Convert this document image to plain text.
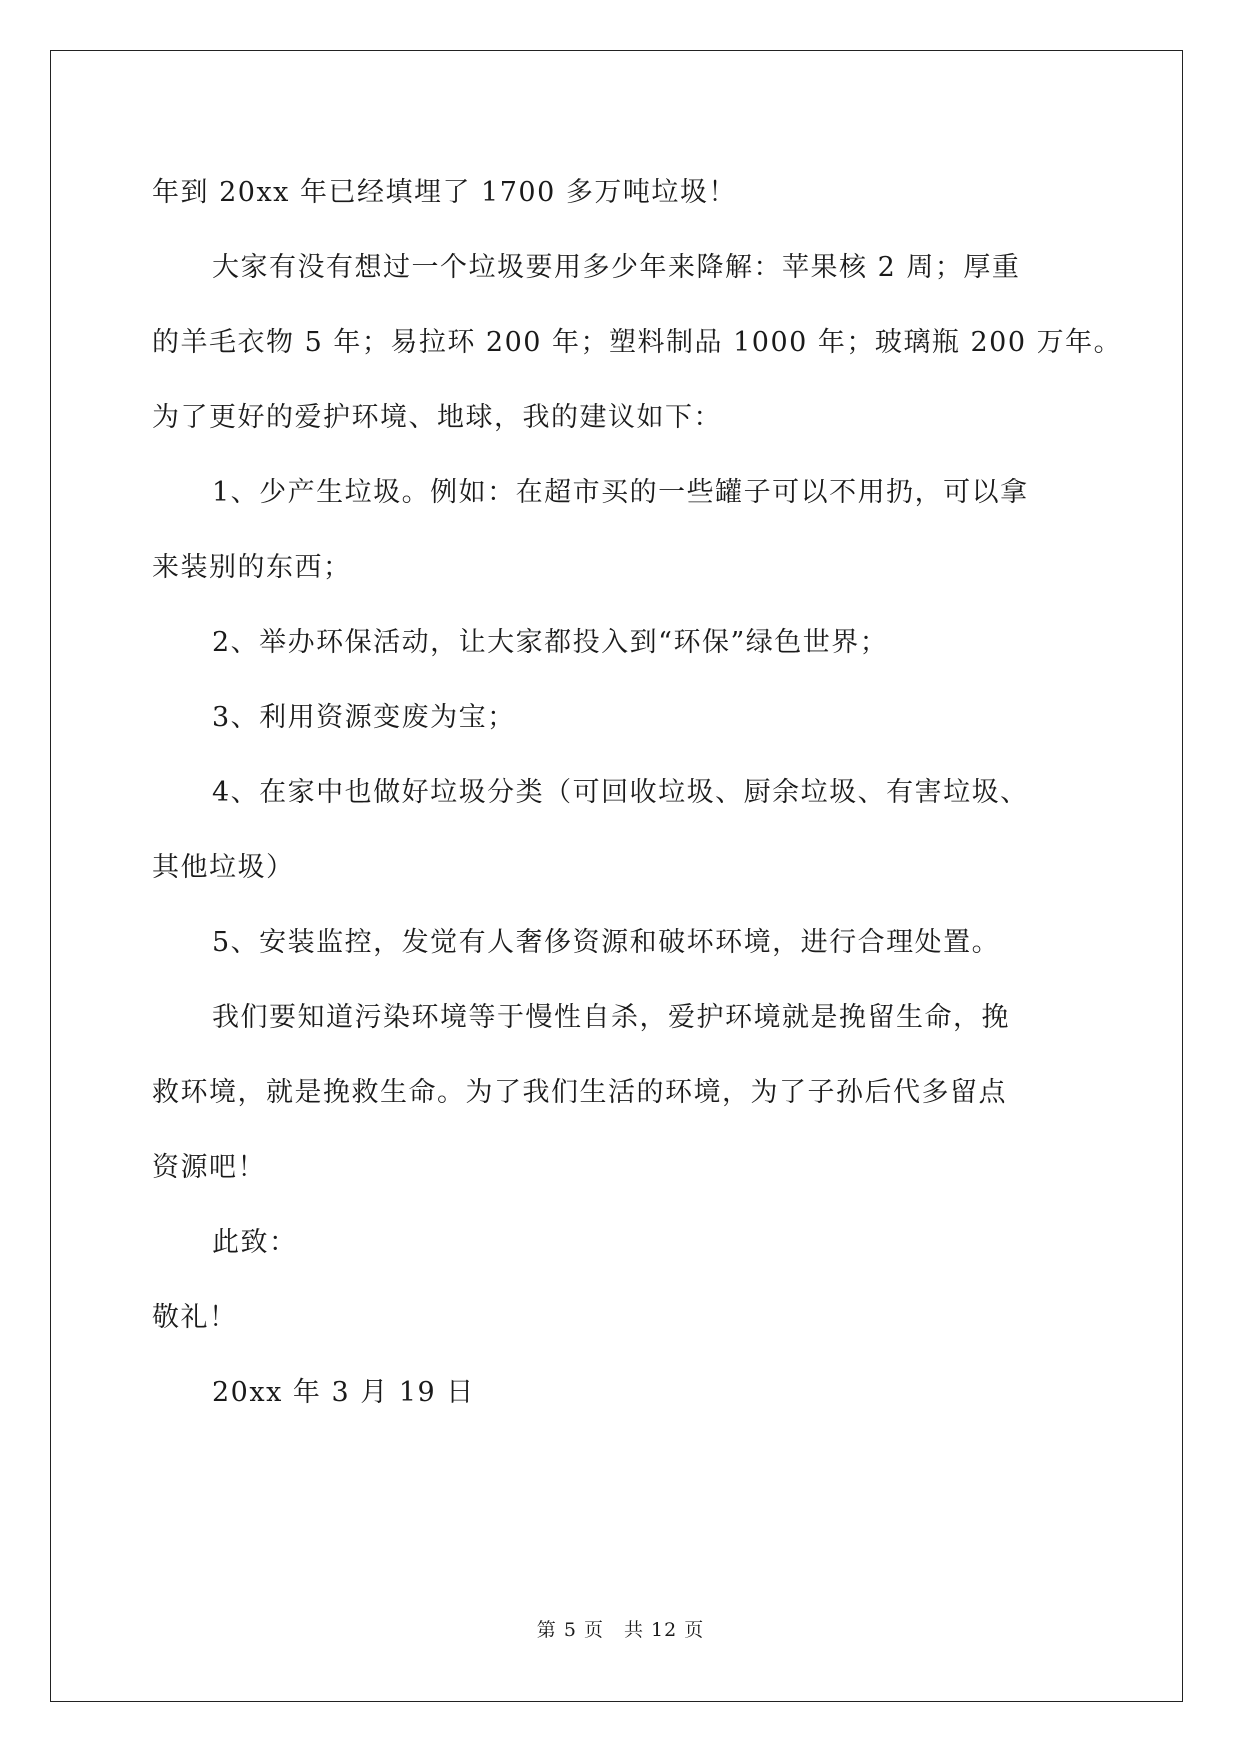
年到 20xx 年已经填埋了 1700 多万吨垃圾！
大家有没有想过一个垃圾要用多少年来降解：苹果核 2 周；厚重
的羊毛衣物 5 年；易拉环 200 年；塑料制品 1000 年；玻璃瓶 200 万年。
为了更好的爱护环境、地球，我的建议如下：
1、少产生垃圾。例如：在超市买的一些罐子可以不用扔，可以拿
来装别的东西；
2、举办环保活动，让大家都投入到“环保”绿色世界；
3、利用资源变废为宝；
4、在家中也做好垃圾分类（可回收垃圾、厨余垃圾、有害垃圾、
其他垃圾）
5、安装监控，发觉有人奢侈资源和破坏环境，进行合理处置。
我们要知道污染环境等于慢性自杀，爱护环境就是挽留生命，挽
救环境，就是挽救生命。为了我们生活的环境，为了子孙后代多留点
资源吧！
此致：
敬礼！
20xx 年 3 月 19 日
第 5 页　共 12 页
